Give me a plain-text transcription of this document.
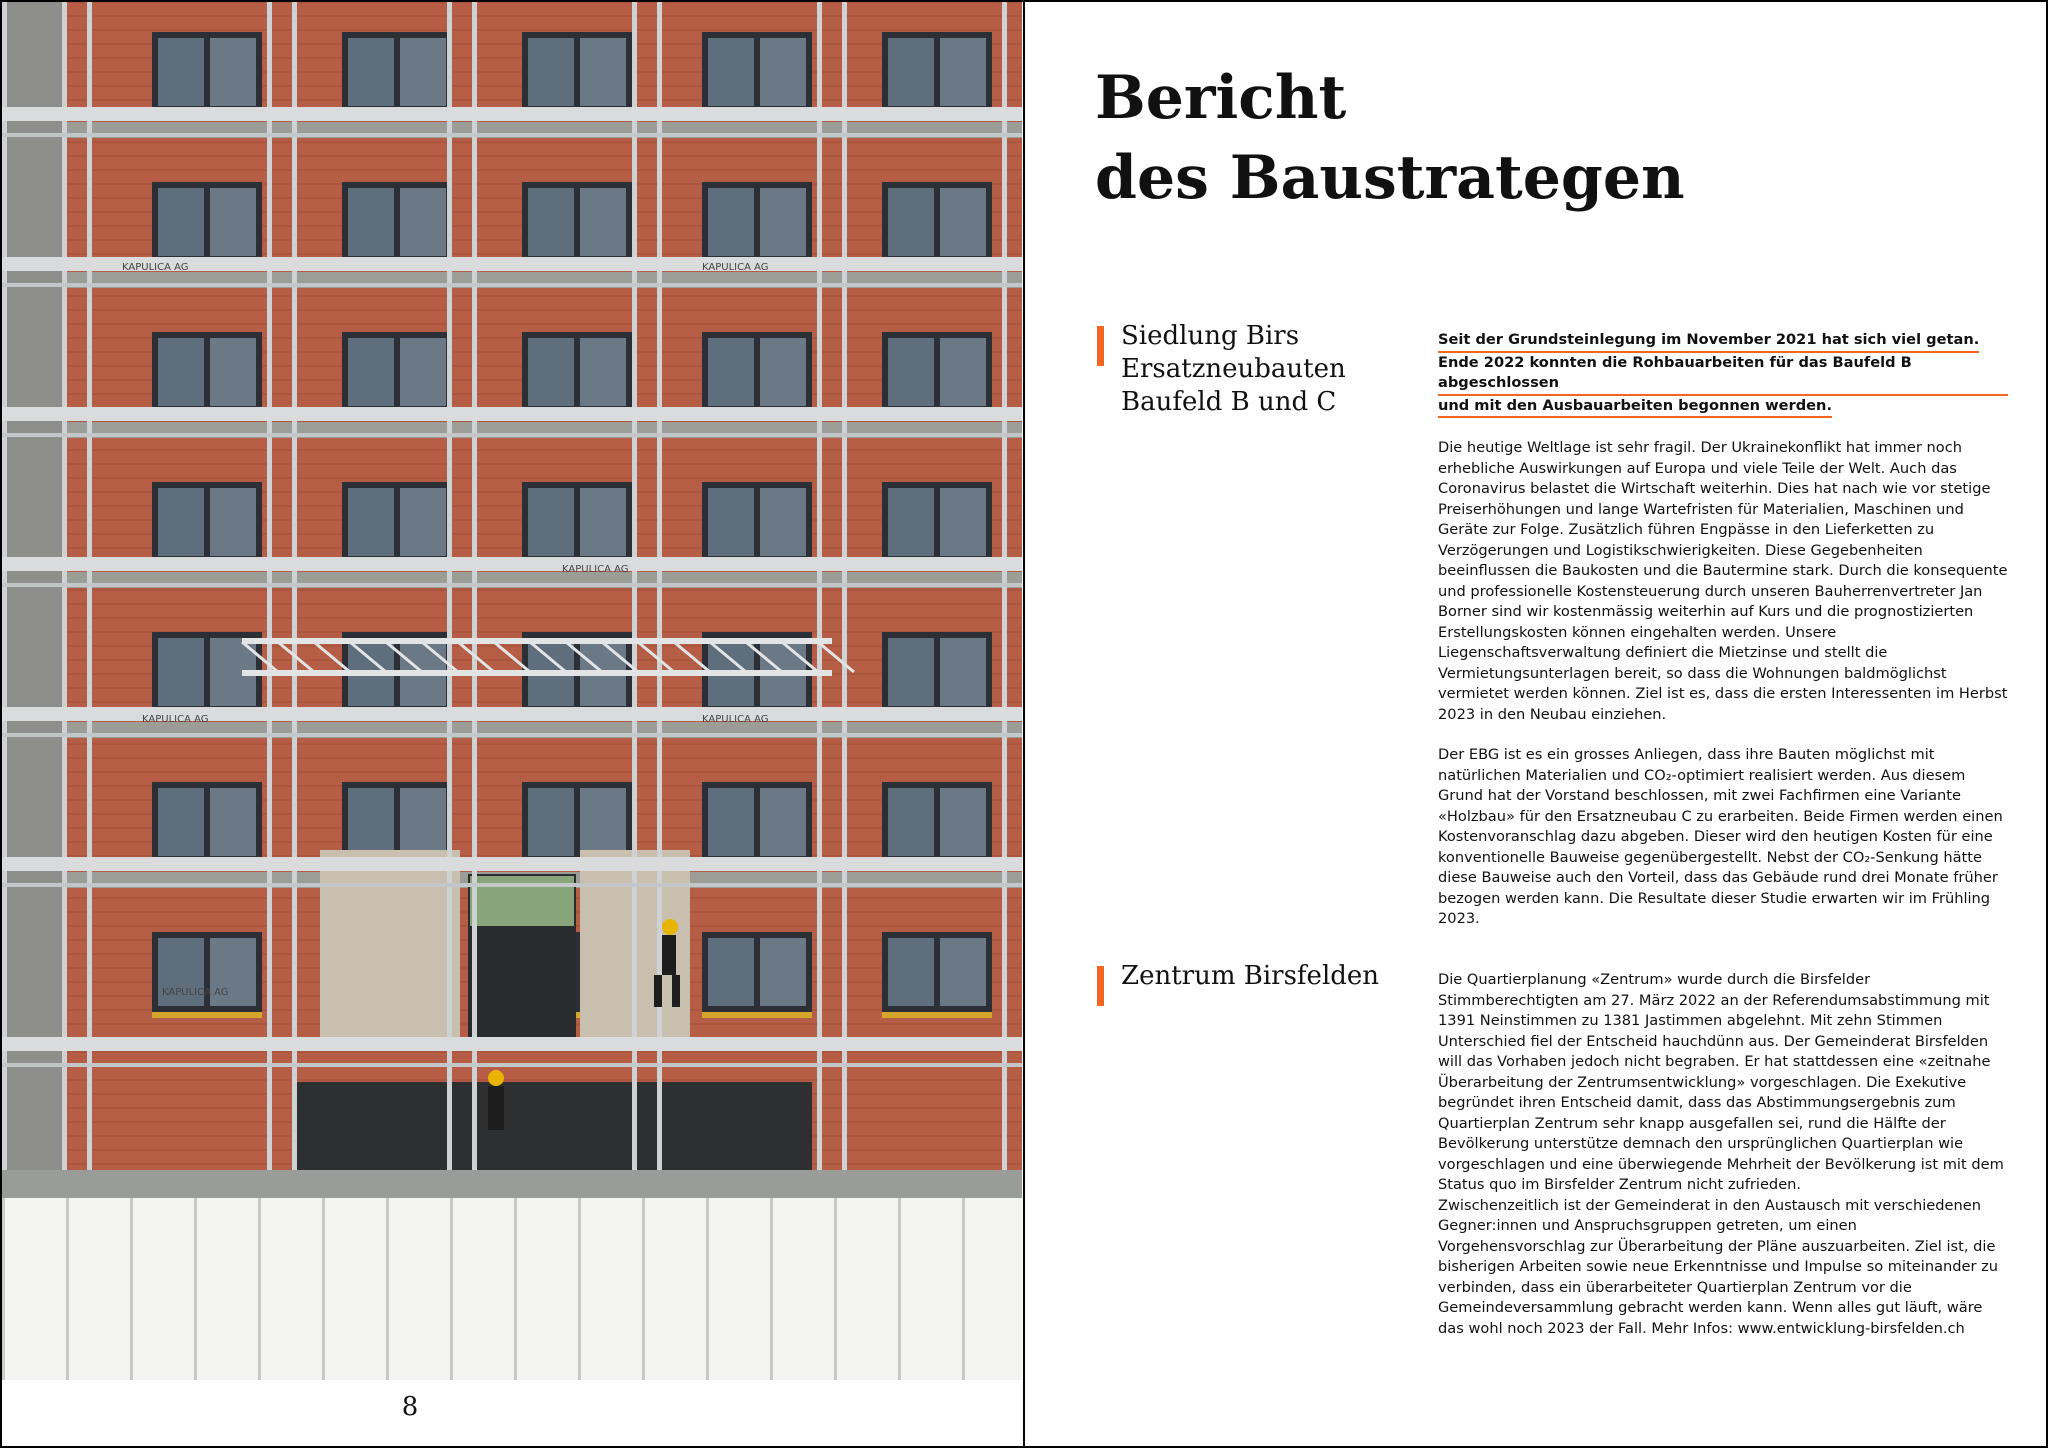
KAPULICA AG	KAPULICA AG
KAPULICA AG
KAPULICA AG	KAPULICA AG
KAPULICA AG
8
Bericht
des Baustrategen
Siedlung Birs
Ersatzneubauten
Baufeld B und C

Seit der Grundsteinlegung im November 2021 hat sich viel getan.
Ende 2022 konnten die Rohbauarbeiten für das Baufeld B abgeschlossen
und mit den Ausbauarbeiten begonnen werden.

Die heutige Weltlage ist sehr fragil. Der Ukrainekonflikt hat immer noch erhebliche Auswirkungen auf Europa und viele Teile der Welt. Auch das Coronavirus belastet die Wirtschaft weiterhin. Dies hat nach wie vor stetige Preiserhöhungen und lange Wartefristen für Materialien, Maschinen und Geräte zur Folge. Zusätzlich führen Engpässe in den Lieferketten zu Verzögerungen und Logistikschwierigkeiten. Diese Gegebenheiten beeinflussen die Baukosten und die Bautermine stark. Durch die konsequente und professionelle Kostensteuerung durch unseren Bauherrenvertreter Jan Borner sind wir kostenmässig weiterhin auf Kurs und die prognostizierten Erstellungskosten können eingehalten werden. Unsere Liegenschaftsverwaltung definiert die Mietzinse und stellt die Vermietungsunterlagen bereit, so dass die Wohnungen baldmöglichst vermietet werden können. Ziel ist es, dass die ersten Interessenten im Herbst 2023 in den Neubau einziehen.

Der EBG ist es ein grosses Anliegen, dass ihre Bauten möglichst mit natürlichen Materialien und CO₂-optimiert realisiert werden. Aus diesem Grund hat der Vorstand beschlossen, mit zwei Fachfirmen eine Variante «Holzbau» für den Ersatzneubau C zu erarbeiten. Beide Firmen werden einen Kostenvoranschlag dazu abgeben. Dieser wird den heutigen Kosten für eine konventionelle Bauweise gegenübergestellt. Nebst der CO₂-Senkung hätte diese Bauweise auch den Vorteil, dass das Gebäude rund drei Monate früher bezogen werden kann. Die Resultate dieser Studie erwarten wir im Frühling 2023.

Zentrum Birsfelden	Die Quartierplanung «Zentrum» wurde durch die Birsfelder Stimmberechtigten am 27. März 2022 an der Referendumsabstimmung mit 1391 Neinstimmen zu 1381 Jastimmen abgelehnt. Mit zehn Stimmen Unterschied fiel der Entscheid hauchdünn aus. Der Gemeinderat Birsfelden will das Vorhaben jedoch nicht begraben. Er hat stattdessen eine «zeitnahe Überarbeitung der Zentrumsentwicklung» vorgeschlagen. Die Exekutive begründet ihren Entscheid damit, dass das Abstimmungsergebnis zum Quartierplan Zentrum sehr knapp ausgefallen sei, rund die Hälfte der Bevölkerung unterstütze demnach den ursprünglichen Quartierplan wie vorgeschlagen und eine überwiegende Mehrheit der Bevölkerung ist mit dem Status quo im Birsfelder Zentrum nicht zufrieden.

Zwischenzeitlich ist der Gemeinderat in den Austausch mit verschiedenen Gegner:innen und Anspruchsgruppen getreten, um einen Vorgehensvorschlag zur Überarbeitung der Pläne auszuarbeiten. Ziel ist, die bisherigen Arbeiten sowie neue Erkenntnisse und Impulse so miteinander zu verbinden, dass ein überarbeiteter Quartierplan Zentrum vor die Gemeindeversammlung gebracht werden kann. Wenn alles gut läuft, wäre das wohl noch 2023 der Fall. Mehr Infos: www.entwicklung-birsfelden.ch
